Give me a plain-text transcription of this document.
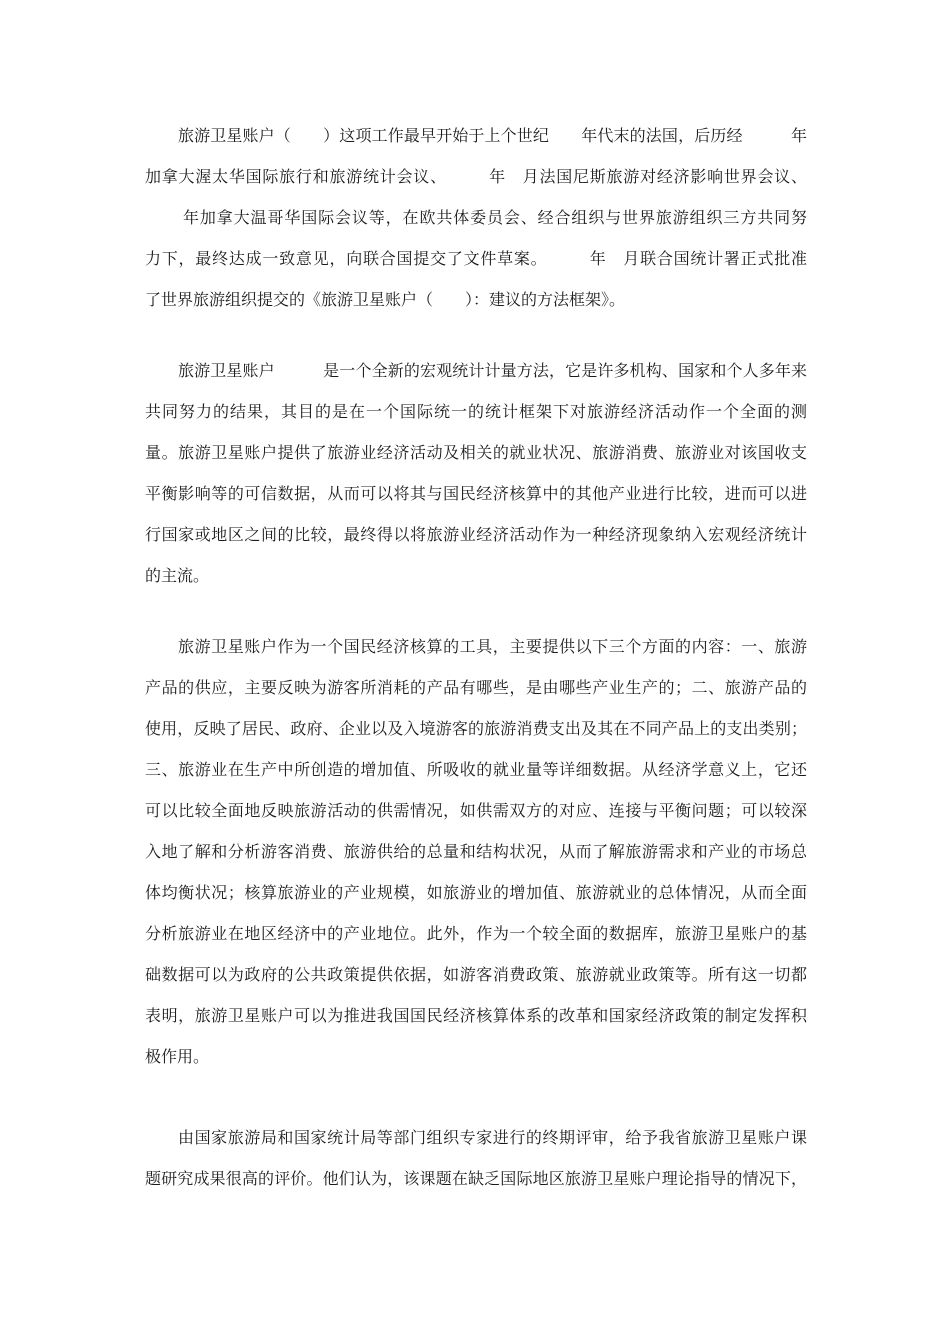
旅游卫星账户（　　）这项工作最早开始于上个世纪　　年代末的法国，后历经　　　年
加拿大渥太华国际旅行和旅游统计会议、　　　年　月法国尼斯旅游对经济影响世界会议、
年加拿大温哥华国际会议等，在欧共体委员会、经合组织与世界旅游组织三方共同努
力下，最终达成一致意见，向联合国提交了文件草案。　　　年　月联合国统计署正式批准
了世界旅游组织提交的《旅游卫星账户（　　）：建议的方法框架》。
旅游卫星账户　　　是一个全新的宏观统计计量方法，它是许多机构、国家和个人多年来
共同努力的结果，其目的是在一个国际统一的统计框架下对旅游经济活动作一个全面的测
量。旅游卫星账户提供了旅游业经济活动及相关的就业状况、旅游消费、旅游业对该国收支
平衡影响等的可信数据，从而可以将其与国民经济核算中的其他产业进行比较，进而可以进
行国家或地区之间的比较，最终得以将旅游业经济活动作为一种经济现象纳入宏观经济统计
的主流。
旅游卫星账户作为一个国民经济核算的工具，主要提供以下三个方面的内容：一、旅游
产品的供应，主要反映为游客所消耗的产品有哪些，是由哪些产业生产的；二、旅游产品的
使用，反映了居民、政府、企业以及入境游客的旅游消费支出及其在不同产品上的支出类别；
三、旅游业在生产中所创造的增加值、所吸收的就业量等详细数据。从经济学意义上，它还
可以比较全面地反映旅游活动的供需情况，如供需双方的对应、连接与平衡问题；可以较深
入地了解和分析游客消费、旅游供给的总量和结构状况，从而了解旅游需求和产业的市场总
体均衡状况；核算旅游业的产业规模，如旅游业的增加值、旅游就业的总体情况，从而全面
分析旅游业在地区经济中的产业地位。此外，作为一个较全面的数据库，旅游卫星账户的基
础数据可以为政府的公共政策提供依据，如游客消费政策、旅游就业政策等。所有这一切都
表明，旅游卫星账户可以为推进我国国民经济核算体系的改革和国家经济政策的制定发挥积
极作用。
由国家旅游局和国家统计局等部门组织专家进行的终期评审，给予我省旅游卫星账户课
题研究成果很高的评价。他们认为，该课题在缺乏国际地区旅游卫星账户理论指导的情况下，
